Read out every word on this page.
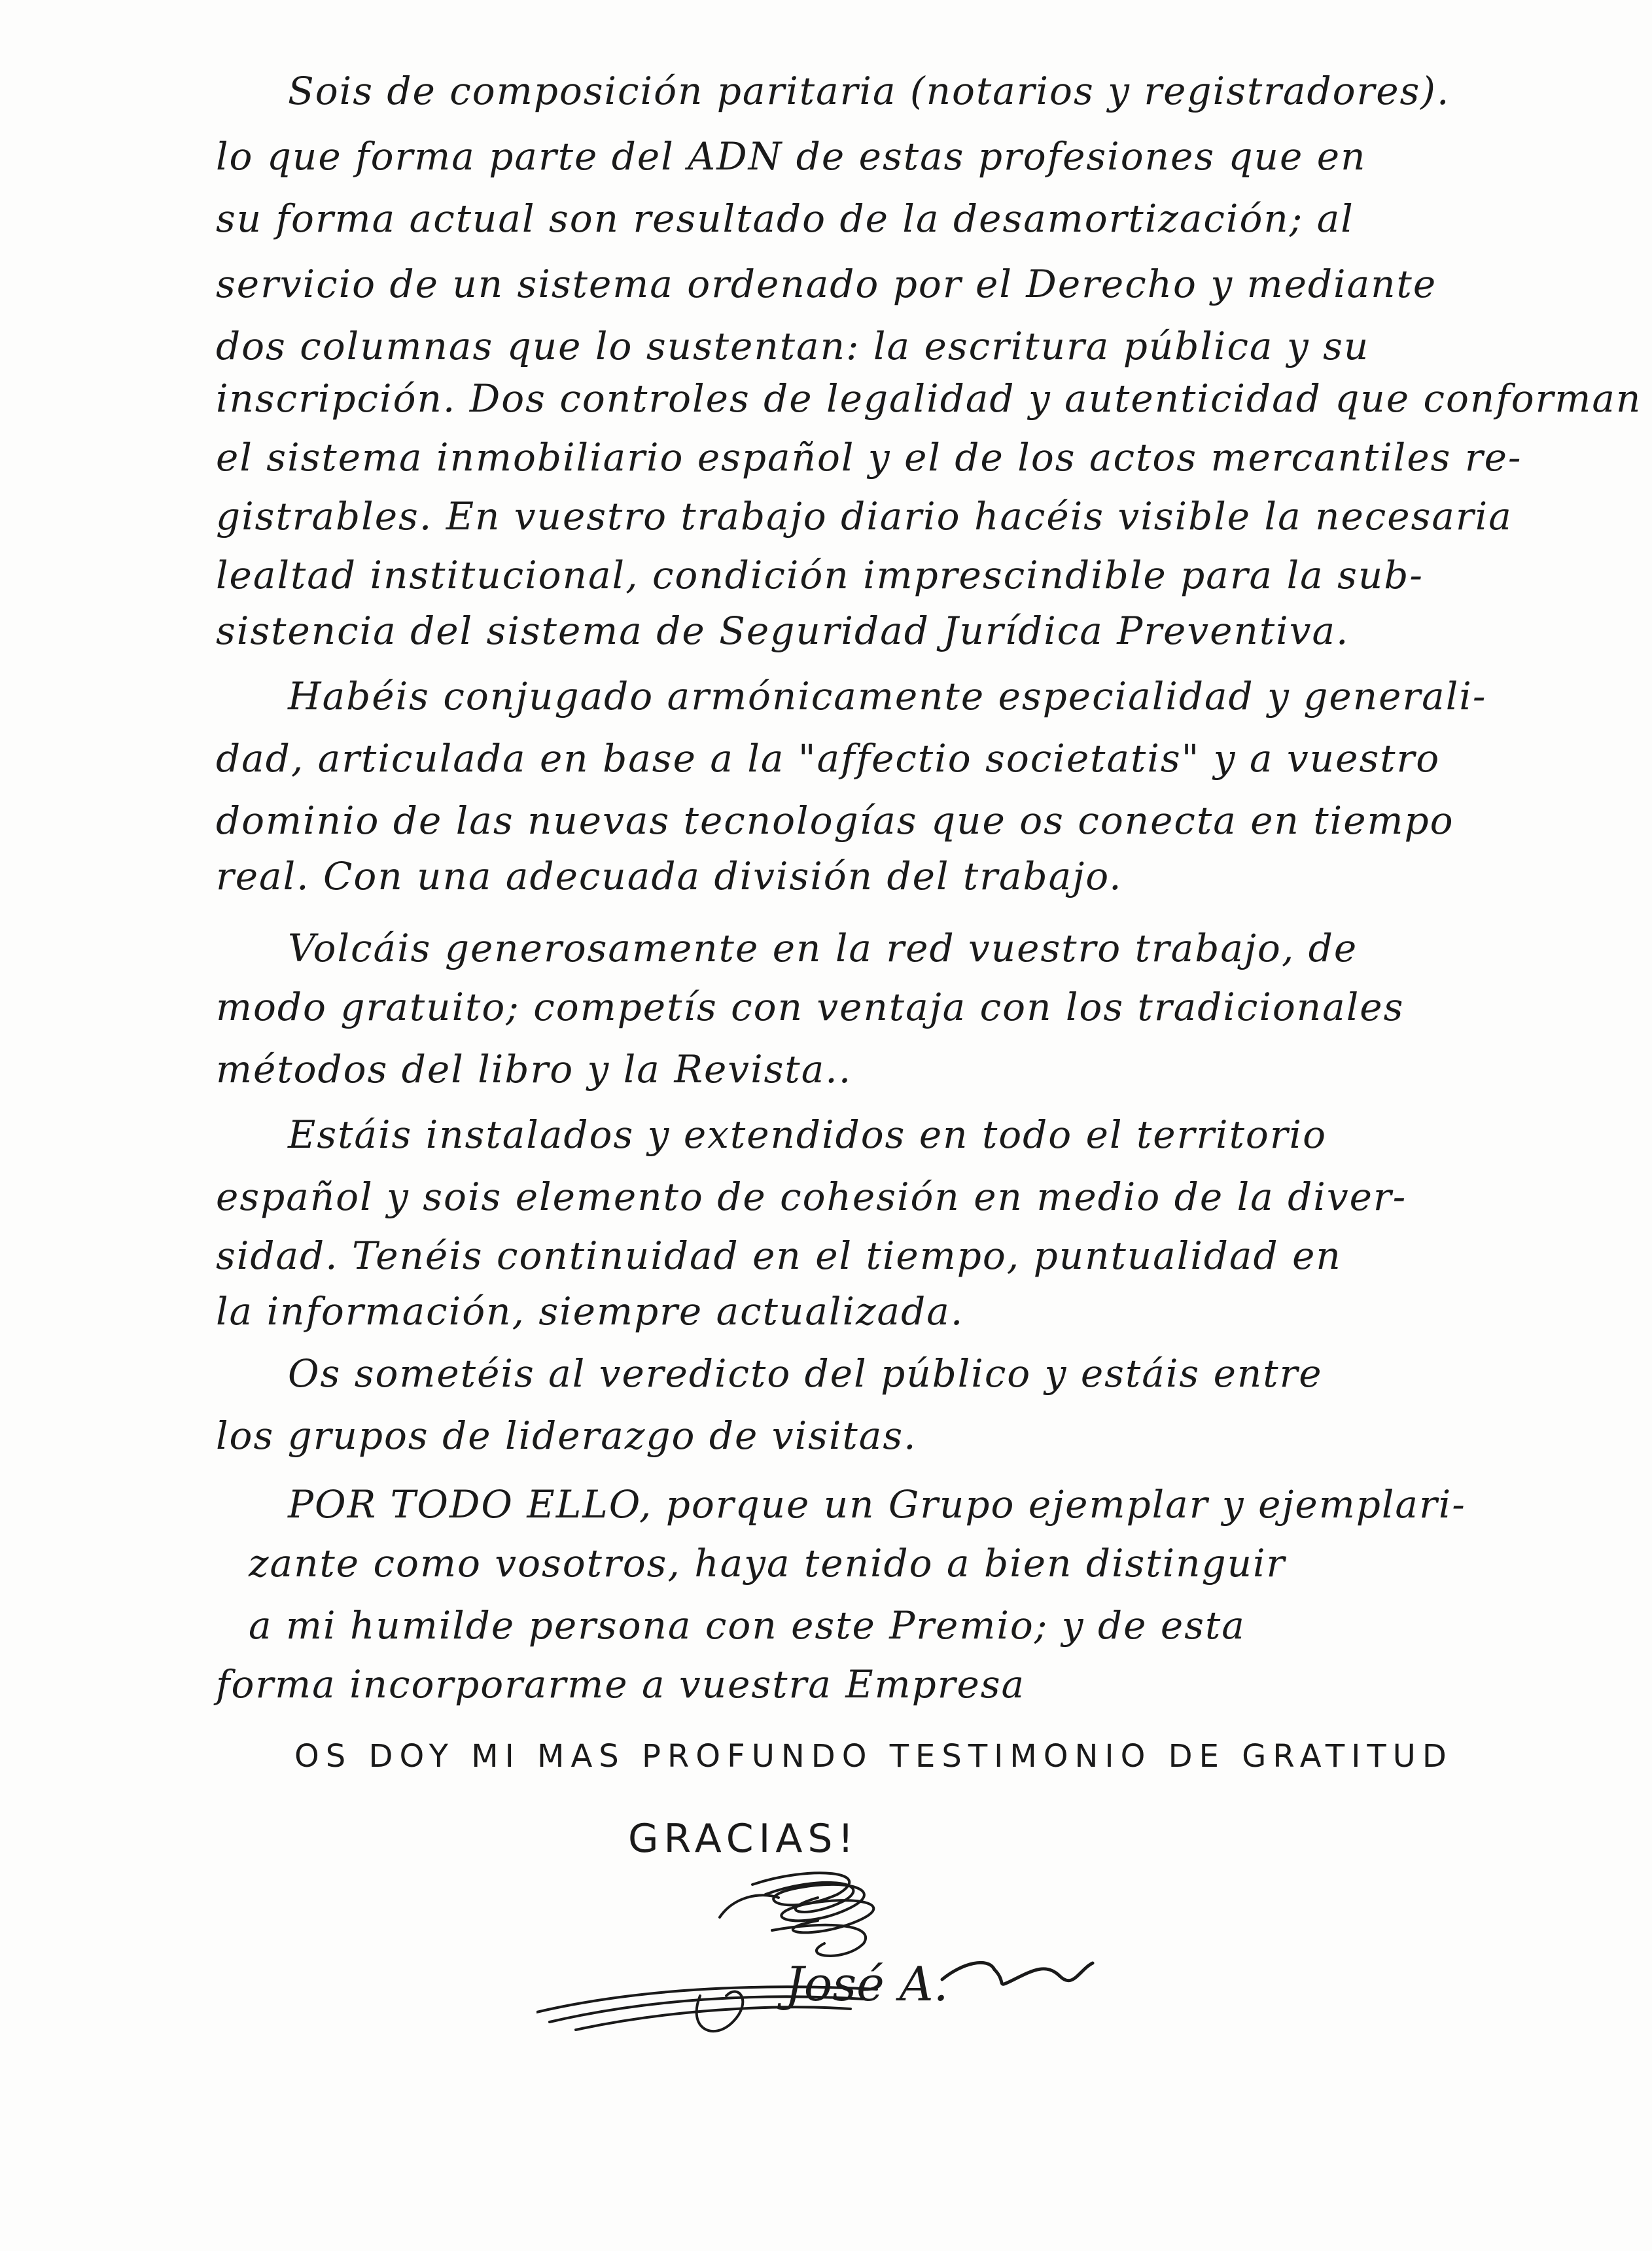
Sois de composición paritaria (notarios y registradores).
lo que forma parte del ADN de estas profesiones que en
su forma actual son resultado de la desamortización; al
servicio de un sistema ordenado por el Derecho y mediante
dos columnas que lo sustentan: la escritura pública y su
inscripción. Dos controles de legalidad y autenticidad que conforman
el sistema inmobiliario español y el de los actos mercantiles re-
gistrables. En vuestro trabajo diario hacéis visible la necesaria
lealtad institucional, condición imprescindible para la sub-
sistencia del sistema de Seguridad Jurídica Preventiva.
Habéis conjugado armónicamente especialidad y generali-
dad, articulada en base a la "affectio societatis" y a vuestro
dominio de las nuevas tecnologías que os conecta en tiempo
real. Con una adecuada división del trabajo.
Volcáis generosamente en la red vuestro trabajo, de
modo gratuito; competís con ventaja con los tradicionales
métodos del libro y la Revista..
Estáis instalados y extendidos en todo el territorio
español y sois elemento de cohesión en medio de la diver-
sidad. Tenéis continuidad en el tiempo, puntualidad en
la información, siempre actualizada.
Os sometéis al veredicto del público y estáis entre
los grupos de liderazgo de visitas.
POR TODO ELLO, porque un Grupo ejemplar y ejemplari-
zante como vosotros, haya tenido a bien distinguir
a mi humilde persona con este Premio; y de esta
forma incorporarme a vuestra Empresa
OS DOY MI MAS PROFUNDO TESTIMONIO DE GRATITUD
GRACIAS!
José A.
